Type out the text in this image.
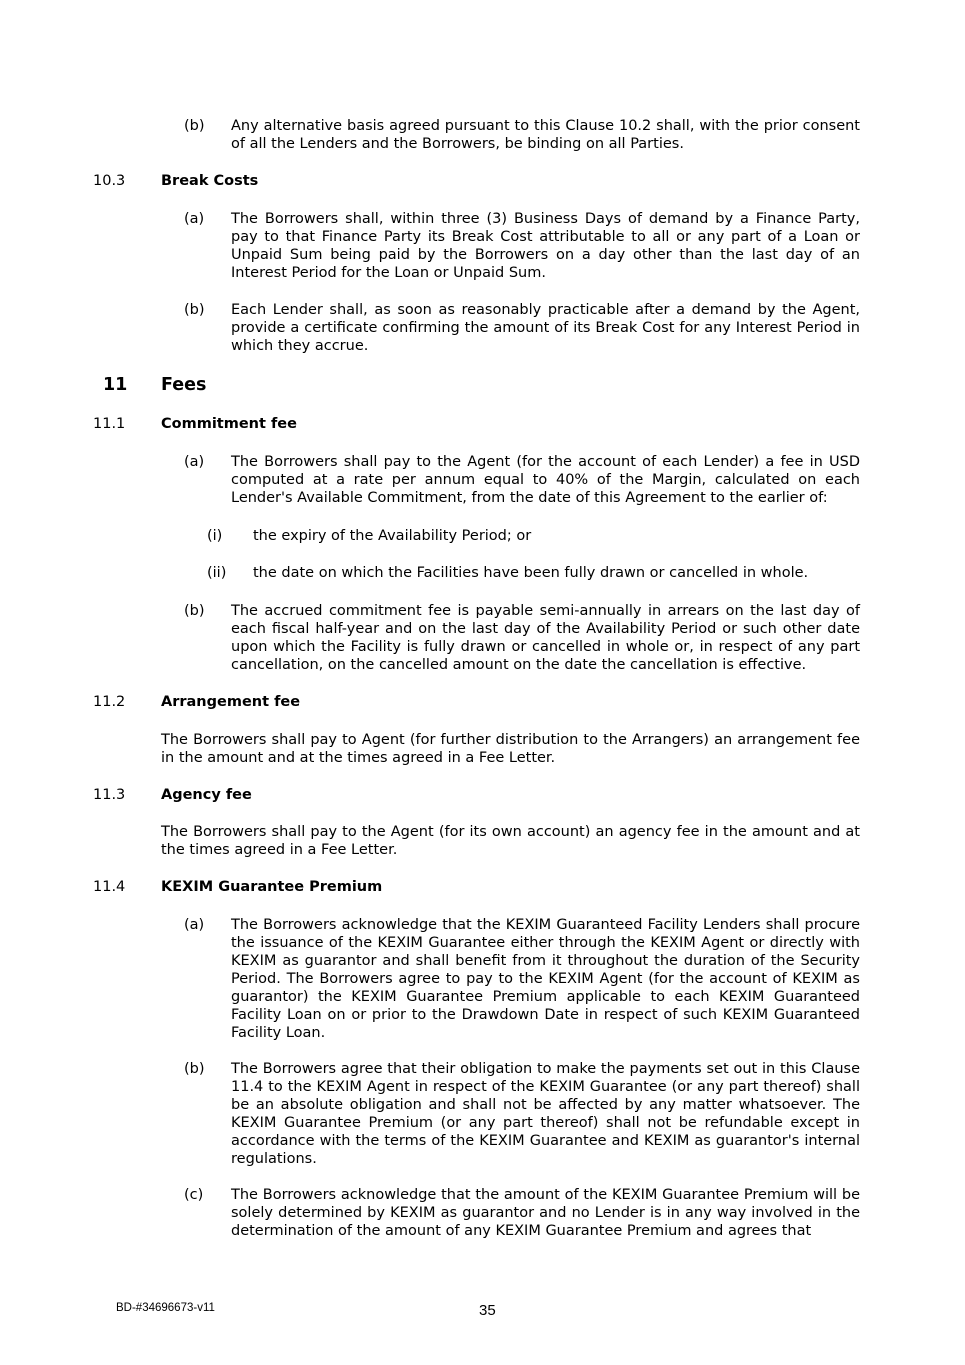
(b) Any alternative basis agreed pursuant to this Clause 10.2 shall, with the prior consent of all the Lenders and the Borrowers, be binding on all Parties.
10.3 Break Costs
(a) The Borrowers shall, within three (3) Business Days of demand by a Finance Party, pay to that Finance Party its Break Cost attributable to all or any part of a Loan or Unpaid Sum being paid by the Borrowers on a day other than the last day of an Interest Period for the Loan or Unpaid Sum.
(b) Each Lender shall, as soon as reasonably practicable after a demand by the Agent, provide a certificate confirming the amount of its Break Cost for any Interest Period in which they accrue.
11 Fees
11.1 Commitment fee
(a) The Borrowers shall pay to the Agent (for the account of each Lender) a fee in USD computed at a rate per annum equal to 40% of the Margin, calculated on each Lender's Available Commitment, from the date of this Agreement to the earlier of:
(i) the expiry of the Availability Period; or
(ii) the date on which the Facilities have been fully drawn or cancelled in whole.
(b) The accrued commitment fee is payable semi-annually in arrears on the last day of each fiscal half-year and on the last day of the Availability Period or such other date upon which the Facility is fully drawn or cancelled in whole or, in respect of any part cancellation, on the cancelled amount on the date the cancellation is effective.
11.2 Arrangement fee
The Borrowers shall pay to Agent (for further distribution to the Arrangers) an arrangement fee in the amount and at the times agreed in a Fee Letter.
11.3 Agency fee
The Borrowers shall pay to the Agent (for its own account) an agency fee in the amount and at the times agreed in a Fee Letter.
11.4 KEXIM Guarantee Premium
(a) The Borrowers acknowledge that the KEXIM Guaranteed Facility Lenders shall procure the issuance of the KEXIM Guarantee either through the KEXIM Agent or directly with KEXIM as guarantor and shall benefit from it throughout the duration of the Security Period. The Borrowers agree to pay to the KEXIM Agent (for the account of KEXIM as guarantor) the KEXIM Guarantee Premium applicable to each KEXIM Guaranteed Facility Loan on or prior to the Drawdown Date in respect of such KEXIM Guaranteed Facility Loan.
(b) The Borrowers agree that their obligation to make the payments set out in this Clause 11.4 to the KEXIM Agent in respect of the KEXIM Guarantee (or any part thereof) shall be an absolute obligation and shall not be affected by any matter whatsoever. The KEXIM Guarantee Premium (or any part thereof) shall not be refundable except in accordance with the terms of the KEXIM Guarantee and KEXIM as guarantor's internal regulations.
(c) The Borrowers acknowledge that the amount of the KEXIM Guarantee Premium will be solely determined by KEXIM as guarantor and no Lender is in any way involved in the determination of the amount of any KEXIM Guarantee Premium and agrees that
BD-#34696673-v11	35
